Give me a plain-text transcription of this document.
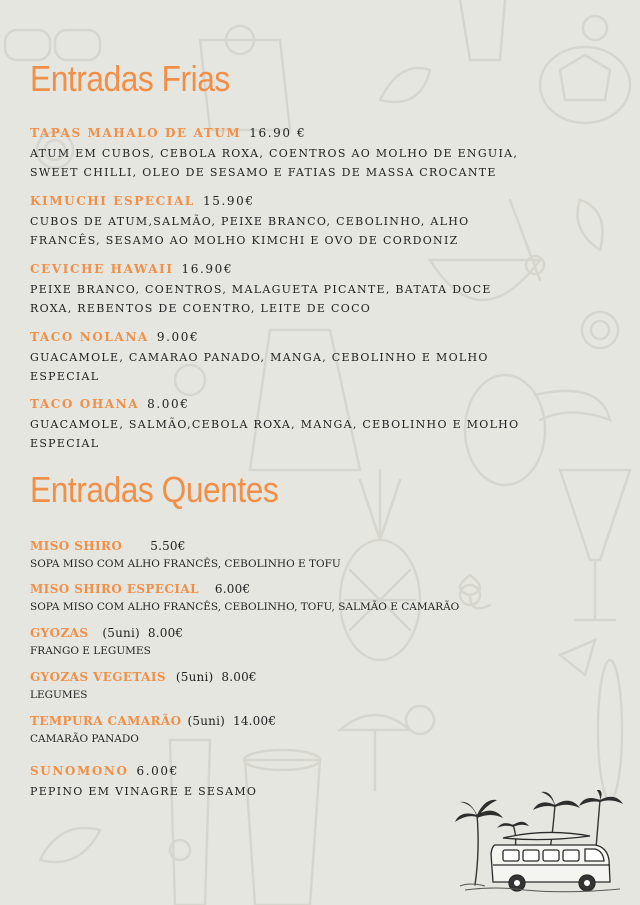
Entradas Frias
TAPAS MAHALO DE ATUM 16.90 €
ATUM EM CUBOS, CEBOLA ROXA, COENTROS AO MOLHO DE ENGUIA, SWEET CHILLI, OLEO DE SESAMO E FATIAS DE MASSA CROCANTE
KIMUCHI ESPECIAL 15.90€
CUBOS DE ATUM,SALMÃO, PEIXE BRANCO, CEBOLINHO, ALHO FRANCÊS, SESAMO AO MOLHO KIMCHI E OVO DE CORDONIZ
CEVICHE HAWAII 16.90€
PEIXE BRANCO, COENTROS, MALAGUETA PICANTE, BATATA DOCE ROXA, REBENTOS DE COENTRO, LEITE DE COCO
TACO NOLANA 9.00€
GUACAMOLE, CAMARAO PANADO, MANGA, CEBOLINHO E MOLHO ESPECIAL
TACO OHANA 8.00€
GUACAMOLE, SALMÃO,CEBOLA ROXA, MANGA, CEBOLINHO E MOLHO ESPECIAL
Entradas Quentes
MISO SHIRO 5.50€
SOPA MISO COM ALHO FRANCÊS, CEBOLINHO E TOFU
MISO SHIRO ESPECIAL 6.00€
SOPA MISO COM ALHO FRANCÊS, CEBOLINHO, TOFU, SALMÃO E CAMARÃO
GYOZAS (5uni) 8.00€
FRANGO E LEGUMES
GYOZAS VEGETAIS (5uni) 8.00€
LEGUMES
TEMPURA CAMARÃO (5uni) 14.00€
CAMARÃO PANADO
SUNOMONO 6.00€
PEPINO EM VINAGRE E SESAMO
